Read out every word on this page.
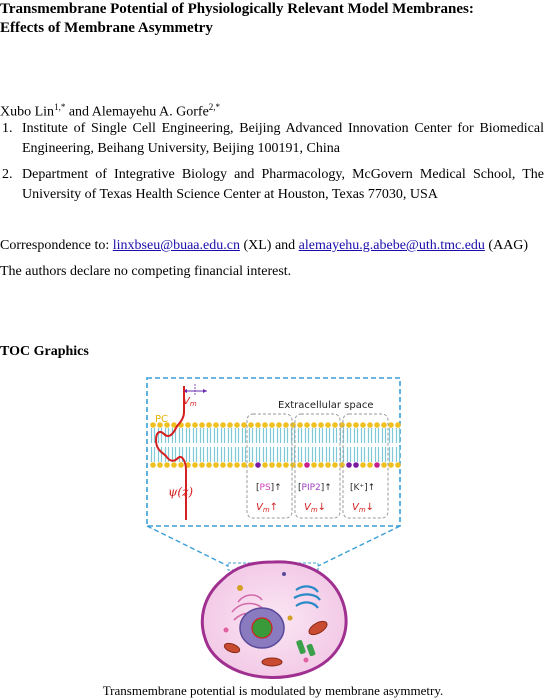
Transmembrane Potential of Physiologically Relevant Model Membranes:
Effects of Membrane Asymmetry
Xubo Lin$^{1,*}$ and Alemayehu A. Gorfe$^{2,*}$
1. Institute of Single Cell Engineering, Beijing Advanced Innovation Center for Biomedical Engineering, Beihang University, Beijing 100191, China
2. Department of Integrative Biology and Pharmacology, McGovern Medical School, The University of Texas Health Science Center at Houston, Texas 77030, USA
Correspondence to: linxbseu@buaa.edu.cn (XL) and alemayehu.g.abebe@uth.tmc.edu (AAG)
The authors declare no competing financial interest.
TOC Graphics
Extracellular space
[PS]↑ [PIP2]↑ [K⁺]↑
$V_m↑$	$V_m↓$	$V_m↓$
PC
$V_m$
ψ(z)
Transmembrane potential is modulated by membrane asymmetry.
